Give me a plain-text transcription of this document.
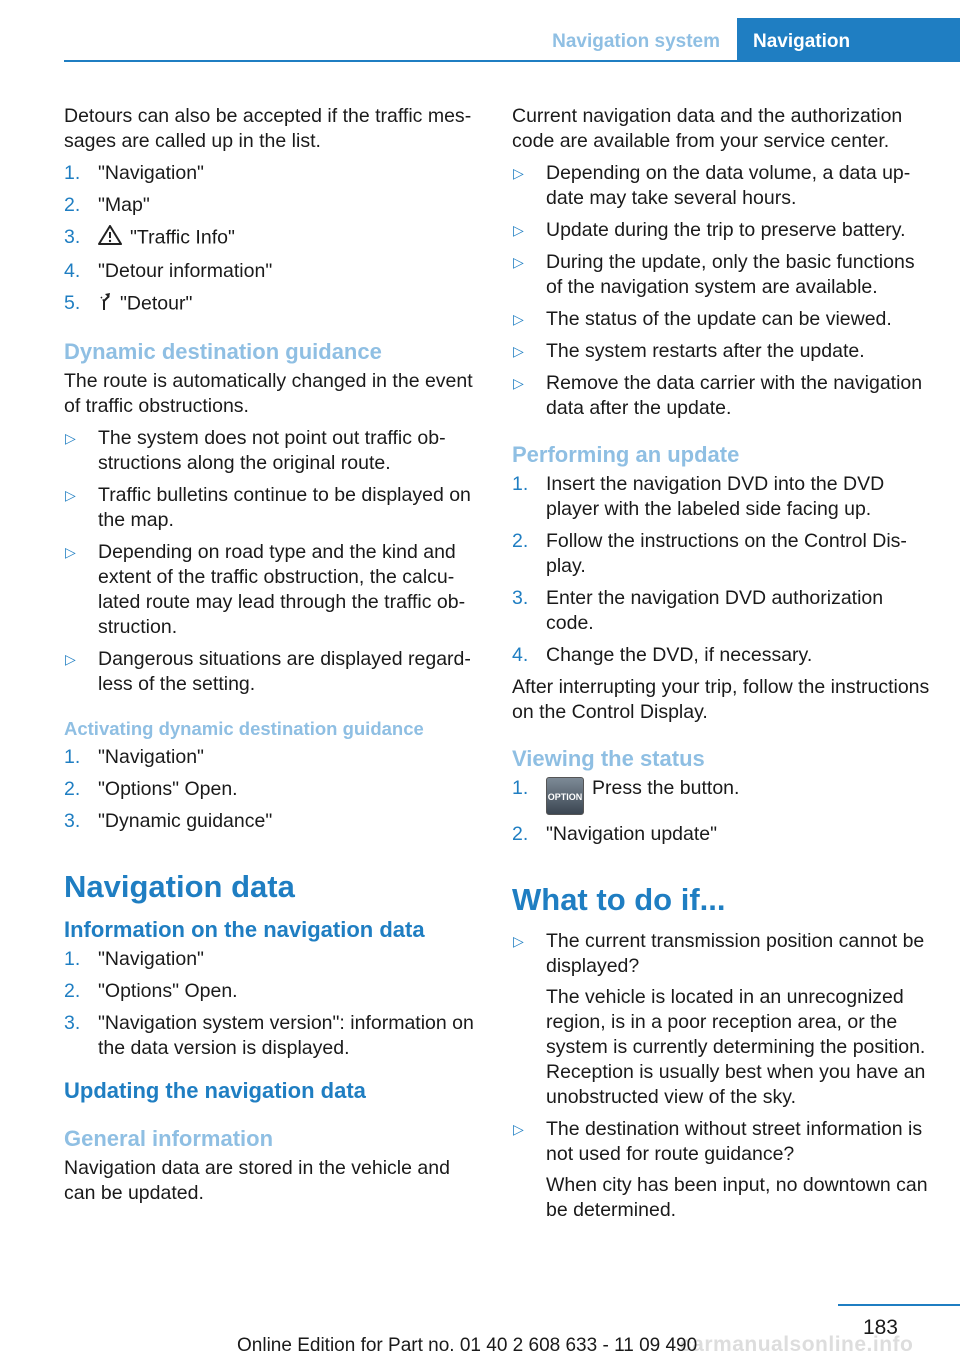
Navigation system	Navigation

Detours can also be accepted if the traffic messages are called up in the list.

1. "Navigation"
2. "Map"
3.	"Traffic Info"
4. "Detour information"
5. "Detour"
Dynamic destination guidance

The route is automatically changed in the event of traffic obstructions.

▷ The system does not point out traffic obstructions along the original route.
▷ Traffic bulletins continue to be displayed on the map.
▷ Depending on road type and the kind and extent of the traffic obstruction, the calculated route may lead through the traffic obstruction.
▷ Dangerous situations are displayed regardless of the setting.
Activating dynamic destination guidance
1. "Navigation"
2. "Options" Open.
3. "Dynamic guidance"
Navigation data
Information on the navigation data
1. "Navigation"
2. "Options" Open.
3. "Navigation system version": information on the data version is displayed.
Updating the navigation data
General information

Navigation data are stored in the vehicle and can be updated.

Current navigation data and the authorization code are available from your service center.

▷ Depending on the data volume, a data update may take several hours.
▷ Update during the trip to preserve battery.
▷ During the update, only the basic functions of the navigation system are available.
▷ The status of the update can be viewed.
▷ The system restarts after the update.
▷ Remove the data carrier with the navigation data after the update.
Performing an update
1. Insert the navigation DVD into the DVD player with the labeled side facing up.
2. Follow the instructions on the Control Display.
3. Enter the navigation DVD authorization code.
4. Change the DVD, if necessary.

After interrupting your trip, follow the instructions on the Control Display.

Viewing the status
1. OPTION Press the button.
2. "Navigation update"
What to do if...
▷ The current transmission position cannot be displayed?
The vehicle is located in an unrecognized region, is in a poor reception area, or the system is currently determining the position. Reception is usually best when you have an unobstructed view of the sky.
▷ The destination without street information is not used for route guidance?
When city has been input, no downtown can be determined.
183
carmanualsonline.info
Online Edition for Part no. 01 40 2 608 633 - 11 09 490
